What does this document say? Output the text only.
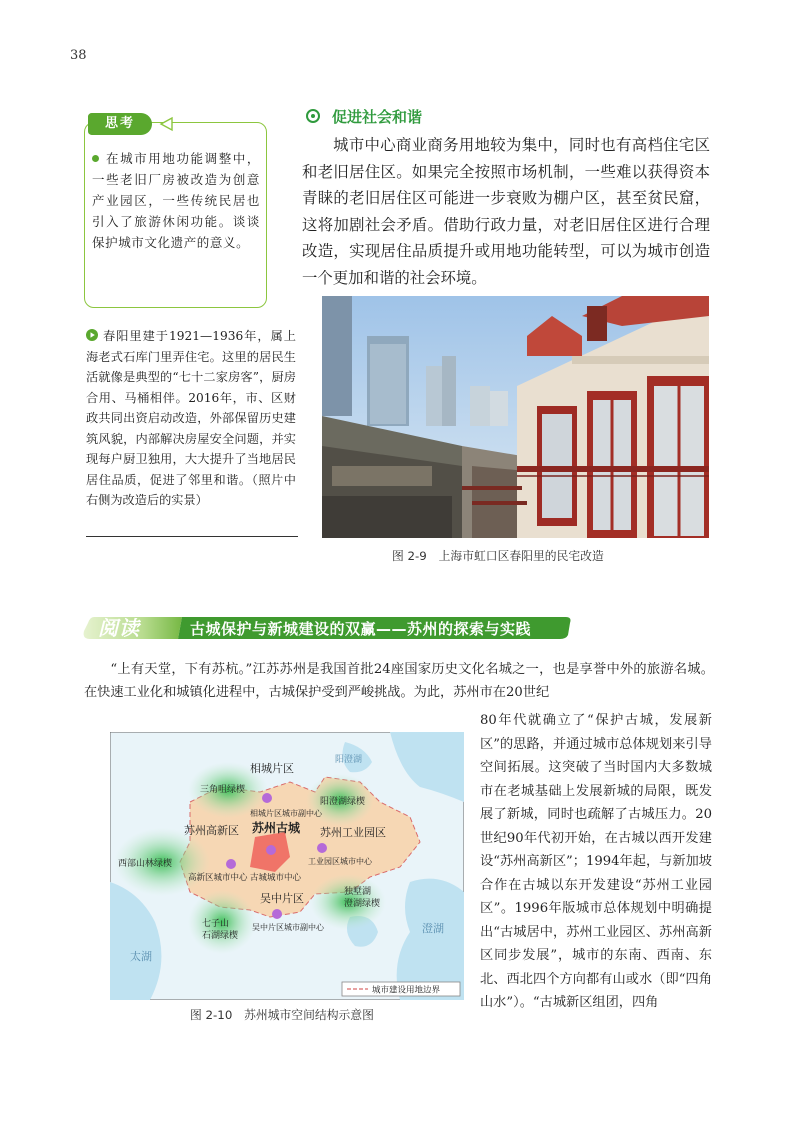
38
思考
在城市用地功能调整中，一些老旧厂房被改造为创意产业园区，一些传统民居也引入了旅游休闲功能。谈谈保护城市文化遗产的意义。
春阳里建于1921—1936年，属上海老式石库门里弄住宅。这里的居民生活就像是典型的“七十二家房客”，厨房合用、马桶相伴。2016年，市、区财政共同出资启动改造，外部保留历史建筑风貌，内部解决房屋安全问题，并实现每户厨卫独用，大大提升了当地居民居住品质，促进了邻里和谐。（照片中右侧为改造后的实景）
促进社会和谐
城市中心商业商务用地较为集中，同时也有高档住宅区和老旧居住区。如果完全按照市场机制，一些难以获得资本青睐的老旧居住区可能进一步衰败为棚户区，甚至贫民窟，这将加剧社会矛盾。借助行政力量，对老旧居住区进行合理改造，实现居住品质提升或用地功能转型，可以为城市创造一个更加和谐的社会环境。
图 2-9　上海市虹口区春阳里的民宅改造
阅读	古城保护与新城建设的双赢——苏州的探索与实践
“上有天堂，下有苏杭。”江苏苏州是我国首批24座国家历史文化名城之一，也是享誉中外的旅游名城。在快速工业化和城镇化进程中，古城保护受到严峻挑战。为此，苏州市在20世纪
80年代就确立了“保护古城，发展新区”的思路，并通过城市总体规划来引导空间拓展。这突破了当时国内大多数城市在老城基础上发展新城的局限，既发展了新城，同时也疏解了古城压力。20世纪90年代初开始，在古城以西开发建设“苏州高新区”；1994年起，与新加坡合作在古城以东开发建设“苏州工业园区”。1996年版城市总体规划中明确提出“古城居中，苏州工业园区、苏州高新区同步发展”，城市的东南、西南、东北、西北四个方向都有山或水（即“四角山水”）。“古城新区组团，四角
三角咀绿楔
相城片区
相城片区城市副中心
阳澄湖
阳澄湖绿楔
苏州高新区 苏州古城 苏州工业园区
工业园区城市中心
西部山林绿楔
高新区城市中心 古城城市中心
独墅湖
澄湖绿楔
吴中片区
吴中片区城市副中心
七子山
石湖绿楔
太湖
澄湖
城市建设用地边界
图 2-10　苏州城市空间结构示意图
